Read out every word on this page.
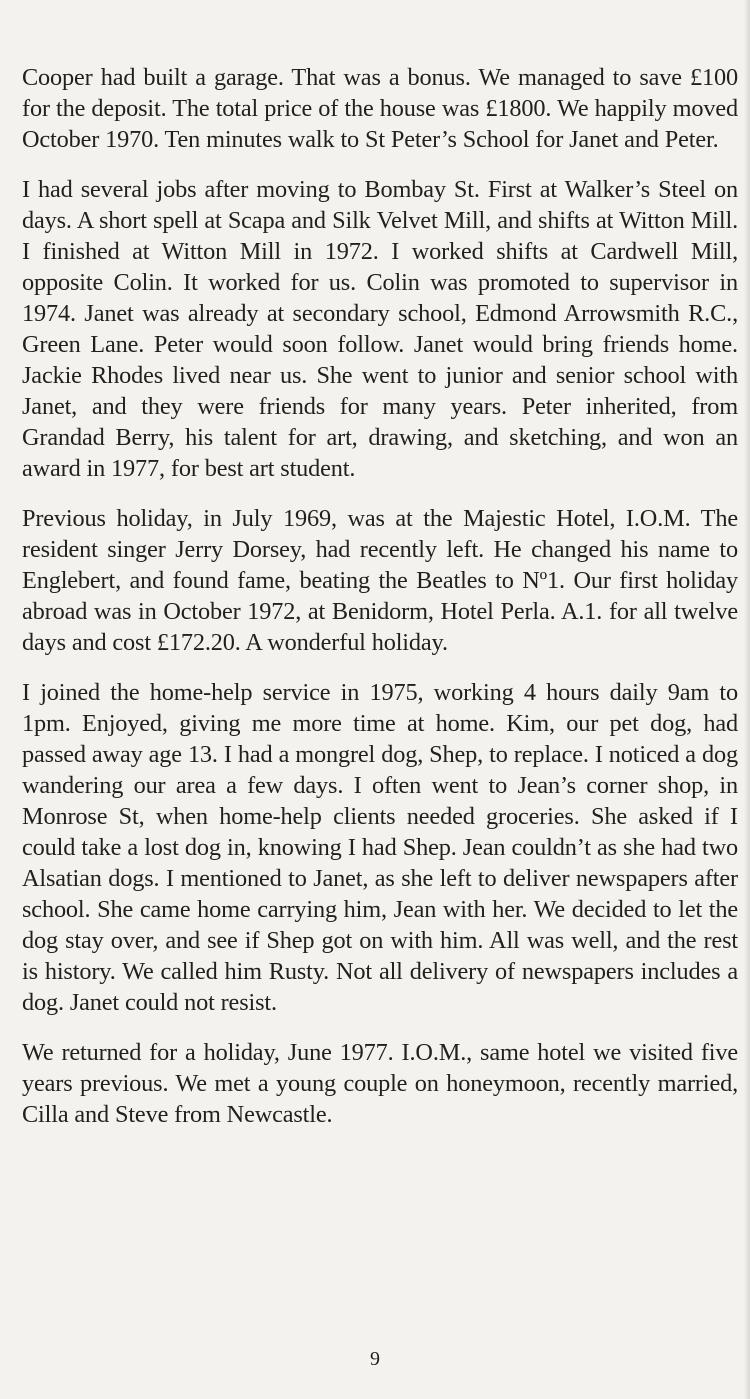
Cooper had built a garage. That was a bonus. We managed to save £100 for the deposit. The total price of the house was £1800. We happily moved October 1970. Ten minutes walk to St Peter’s School for Janet and Peter.

I had several jobs after moving to Bombay St. First at Walker’s Steel on days. A short spell at Scapa and Silk Velvet Mill, and shifts at Witton Mill. I finished at Witton Mill in 1972. I worked shifts at Cardwell Mill, opposite Colin. It worked for us. Colin was promoted to supervisor in 1974. Janet was already at secondary school, Edmond Arrowsmith R.C., Green Lane. Peter would soon follow. Janet would bring friends home. Jackie Rhodes lived near us. She went to junior and senior school with Janet, and they were friends for many years. Peter inherited, from Grandad Berry, his talent for art, drawing, and sketching, and won an award in 1977, for best art student.

Previous holiday, in July 1969, was at the Majestic Hotel, I.O.M. The resident singer Jerry Dorsey, had recently left. He changed his name to Englebert, and found fame, beating the Beatles to Nº1. Our first holiday abroad was in October 1972, at Benidorm, Hotel Perla. A.1. for all twelve days and cost £172.20. A wonderful holiday.

I joined the home-help service in 1975, working 4 hours daily 9am to 1pm. Enjoyed, giving me more time at home. Kim, our pet dog, had passed away age 13. I had a mongrel dog, Shep, to replace. I noticed a dog wandering our area a few days. I often went to Jean’s corner shop, in Monrose St, when home-help clients needed groceries. She asked if I could take a lost dog in, knowing I had Shep. Jean couldn’t as she had two Alsatian dogs. I mentioned to Janet, as she left to deliver newspapers after school. She came home carrying him, Jean with her. We decided to let the dog stay over, and see if Shep got on with him. All was well, and the rest is history. We called him Rusty. Not all delivery of newspapers includes a dog. Janet could not resist.

We returned for a holiday, June 1977. I.O.M., same hotel we visited five years previous. We met a young couple on honeymoon, recently married, Cilla and Steve from Newcastle.

9
